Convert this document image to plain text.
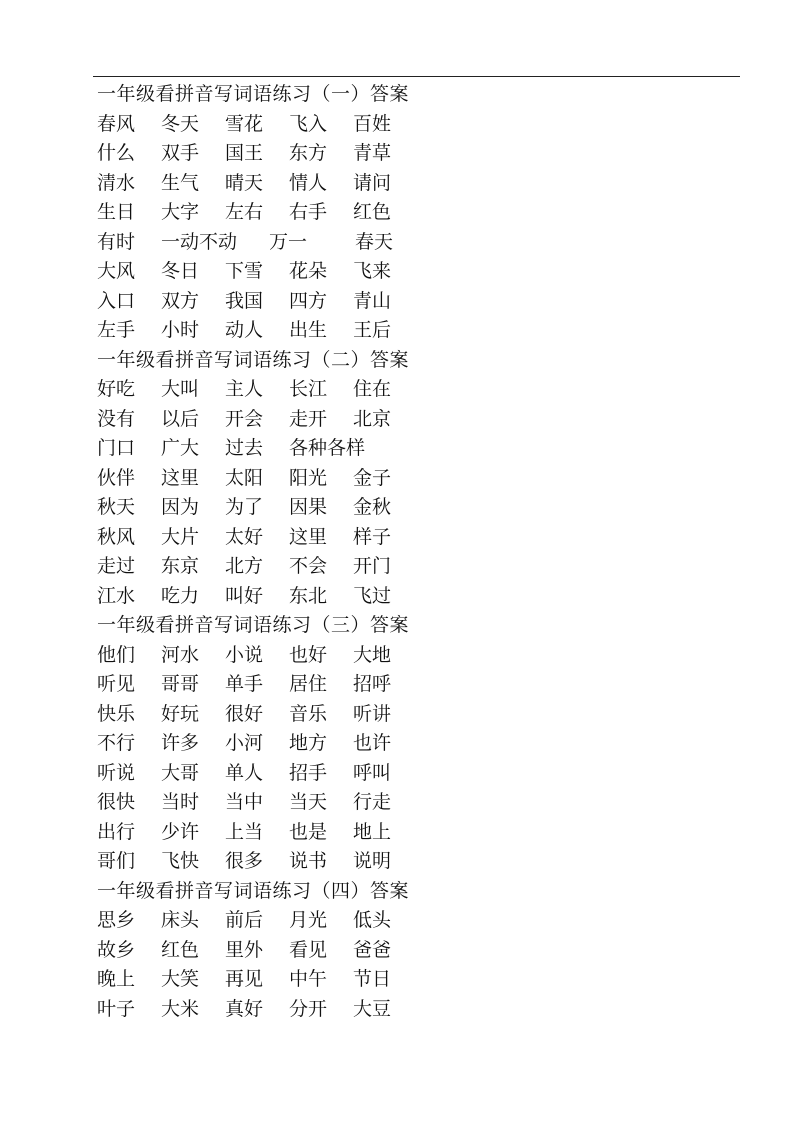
一年级看拼音写词语练习（一）答案
春风 冬天 雪花 飞入 百姓
什么 双手 国王 东方 青草
清水 生气 晴天 情人 请问
生日 大字 左右 右手 红色
有时 一动不动 万一	春天
大风 冬日 下雪 花朵 飞来
入口 双方 我国 四方 青山
左手 小时 动人 出生 王后
一年级看拼音写词语练习（二）答案
好吃 大叫 主人 长江 住在
没有 以后 开会 走开 北京
门口 广大 过去 各种各样
伙伴 这里 太阳 阳光 金子
秋天 因为 为了 因果 金秋
秋风 大片 太好 这里 样子
走过 东京 北方 不会 开门
江水 吃力 叫好 东北 飞过
一年级看拼音写词语练习（三）答案
他们 河水 小说 也好 大地
听见 哥哥 单手 居住 招呼
快乐 好玩 很好 音乐 听讲
不行 许多 小河 地方 也许
听说 大哥 单人 招手 呼叫
很快 当时 当中 当天 行走
出行 少许 上当 也是 地上
哥们 飞快 很多 说书 说明
一年级看拼音写词语练习（四）答案
思乡 床头 前后 月光 低头
故乡 红色 里外 看见 爸爸
晚上 大笑 再见 中午 节日
叶子 大米 真好 分开 大豆
